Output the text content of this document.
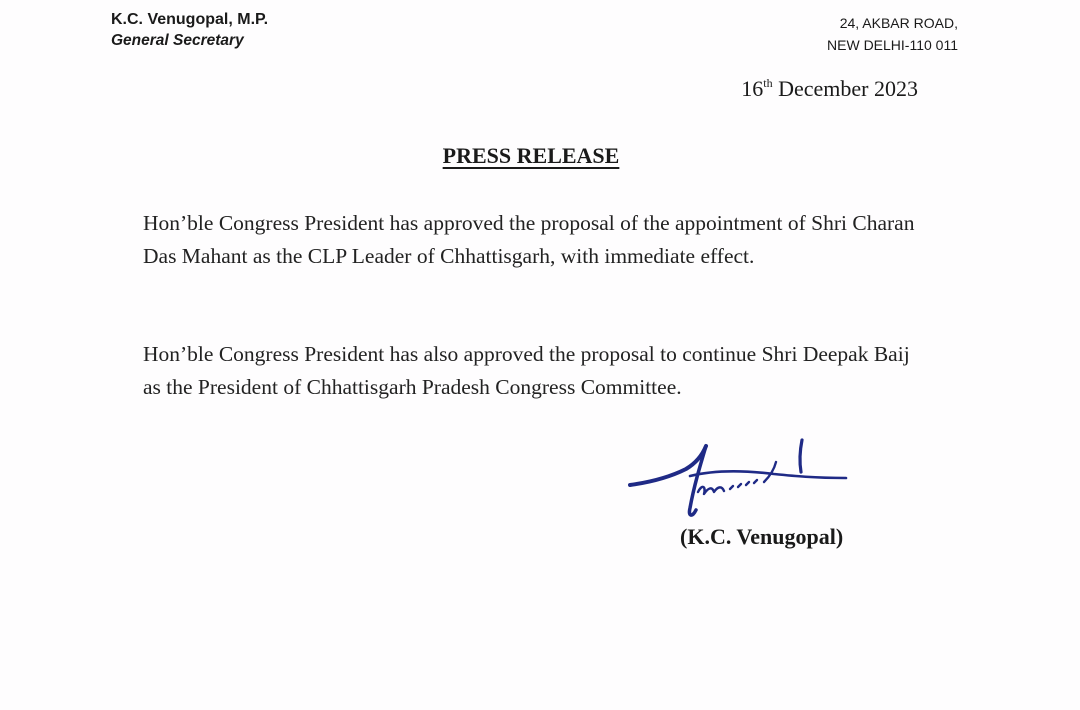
K.C. Venugopal, M.P.
General Secretary
24, AKBAR ROAD,
NEW DELHI-110 011
16th December 2023
PRESS RELEASE

Hon’ble Congress President has approved the proposal of the appointment of Shri Charan Das Mahant as the CLP Leader of Chhattisgarh, with immediate effect.

Hon’ble Congress President has also approved the proposal to continue Shri Deepak Baij as the President of Chhattisgarh Pradesh Congress Committee.

(K.C. Venugopal)
